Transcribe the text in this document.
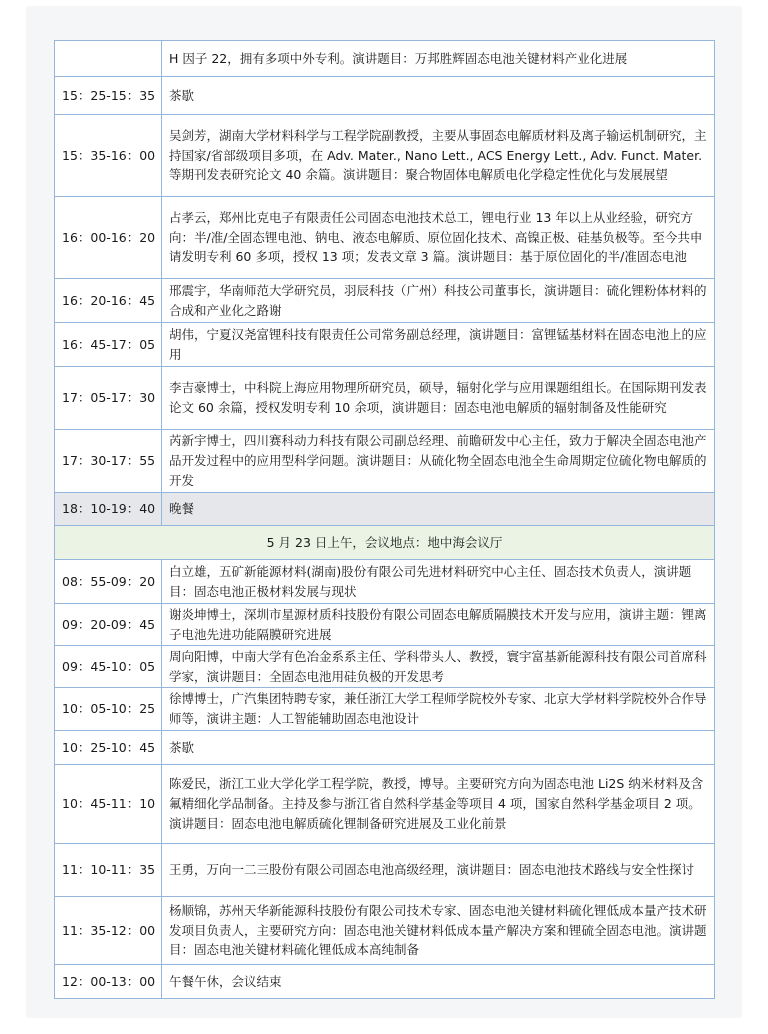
	H 因子 22，拥有多项中外专利。演讲题目：万邦胜辉固态电池关键材料产业化进展
15：25-15：35	茶歇
15：35-16：00	吴剑芳，湖南大学材料科学与工程学院副教授，主要从事固态电解质材料及离子输运机制研究，主持国家/省部级项目多项，在 Adv. Mater., Nano Lett., ACS Energy Lett., Adv. Funct. Mater.等期刊发表研究论文 40 余篇。演讲题目：聚合物固体电解质电化学稳定性优化与发展展望
16：00-16：20	占孝云，郑州比克电子有限责任公司固态电池技术总工，锂电行业 13 年以上从业经验，研究方向：半/准/全固态锂电池、钠电、液态电解质、原位固化技术、高镍正极、硅基负极等。至今共申请发明专利 60 多项，授权 13 项；发表文章 3 篇。演讲题目：基于原位固化的半/准固态电池
16：20-16：45	邢震宇，华南师范大学研究员，羽辰科技（广州）科技公司董事长，演讲题目：硫化锂粉体材料的合成和产业化之路谢
16：45-17：05	胡伟，宁夏汉尧富锂科技有限责任公司常务副总经理，演讲题目：富锂锰基材料在固态电池上的应用
17：05-17：30	李吉豪博士，中科院上海应用物理所研究员，硕导，辐射化学与应用课题组组长。在国际期刊发表论文 60 余篇，授权发明专利 10 余项，演讲题目：固态电池电解质的辐射制备及性能研究
17：30-17：55	芮新宇博士，四川赛科动力科技有限公司副总经理、前瞻研发中心主任，致力于解决全固态电池产品开发过程中的应用型科学问题。演讲题目：从硫化物全固态电池全生命周期定位硫化物电解质的开发
18：10-19：40	晚餐
5 月 23 日上午，会议地点：地中海会议厅	
08：55-09：20	白立雄，五矿新能源材料(湖南)股份有限公司先进材料研究中心主任、固态技术负责人，演讲题目：固态电池正极材料发展与现状
09：20-09：45	谢炎坤博士，深圳市星源材质科技股份有限公司固态电解质隔膜技术开发与应用，演讲主题：锂离子电池先进功能隔膜研究进展
09：45-10：05	周向阳博，中南大学有色冶金系系主任、学科带头人、教授，寰宇富基新能源科技有限公司首席科学家，演讲题目：全固态电池用硅负极的开发思考
10：05-10：25	徐博博士，广汽集团特聘专家，兼任浙江大学工程师学院校外专家、北京大学材料学院校外合作导师等，演讲主题：人工智能辅助固态电池设计
10：25-10：45	茶歇
10：45-11：10	陈爱民，浙江工业大学化学工程学院，教授，博导。主要研究方向为固态电池 Li2S 纳米材料及含氟精细化学品制备。主持及参与浙江省自然科学基金等项目 4 项，国家自然科学基金项目 2 项。演讲题目：固态电池电解质硫化锂制备研究进展及工业化前景
11：10-11：35	王勇，万向一二三股份有限公司固态电池高级经理，演讲题目：固态电池技术路线与安全性探讨
11：35-12：00	杨顺锦，苏州天华新能源科技股份有限公司技术专家、固态电池关键材料硫化锂低成本量产技术研发项目负责人，主要研究方向：固态电池关键材料低成本量产解决方案和锂硫全固态电池。演讲题目：固态电池关键材料硫化锂低成本高纯制备
12：00-13：00	午餐午休，会议结束
